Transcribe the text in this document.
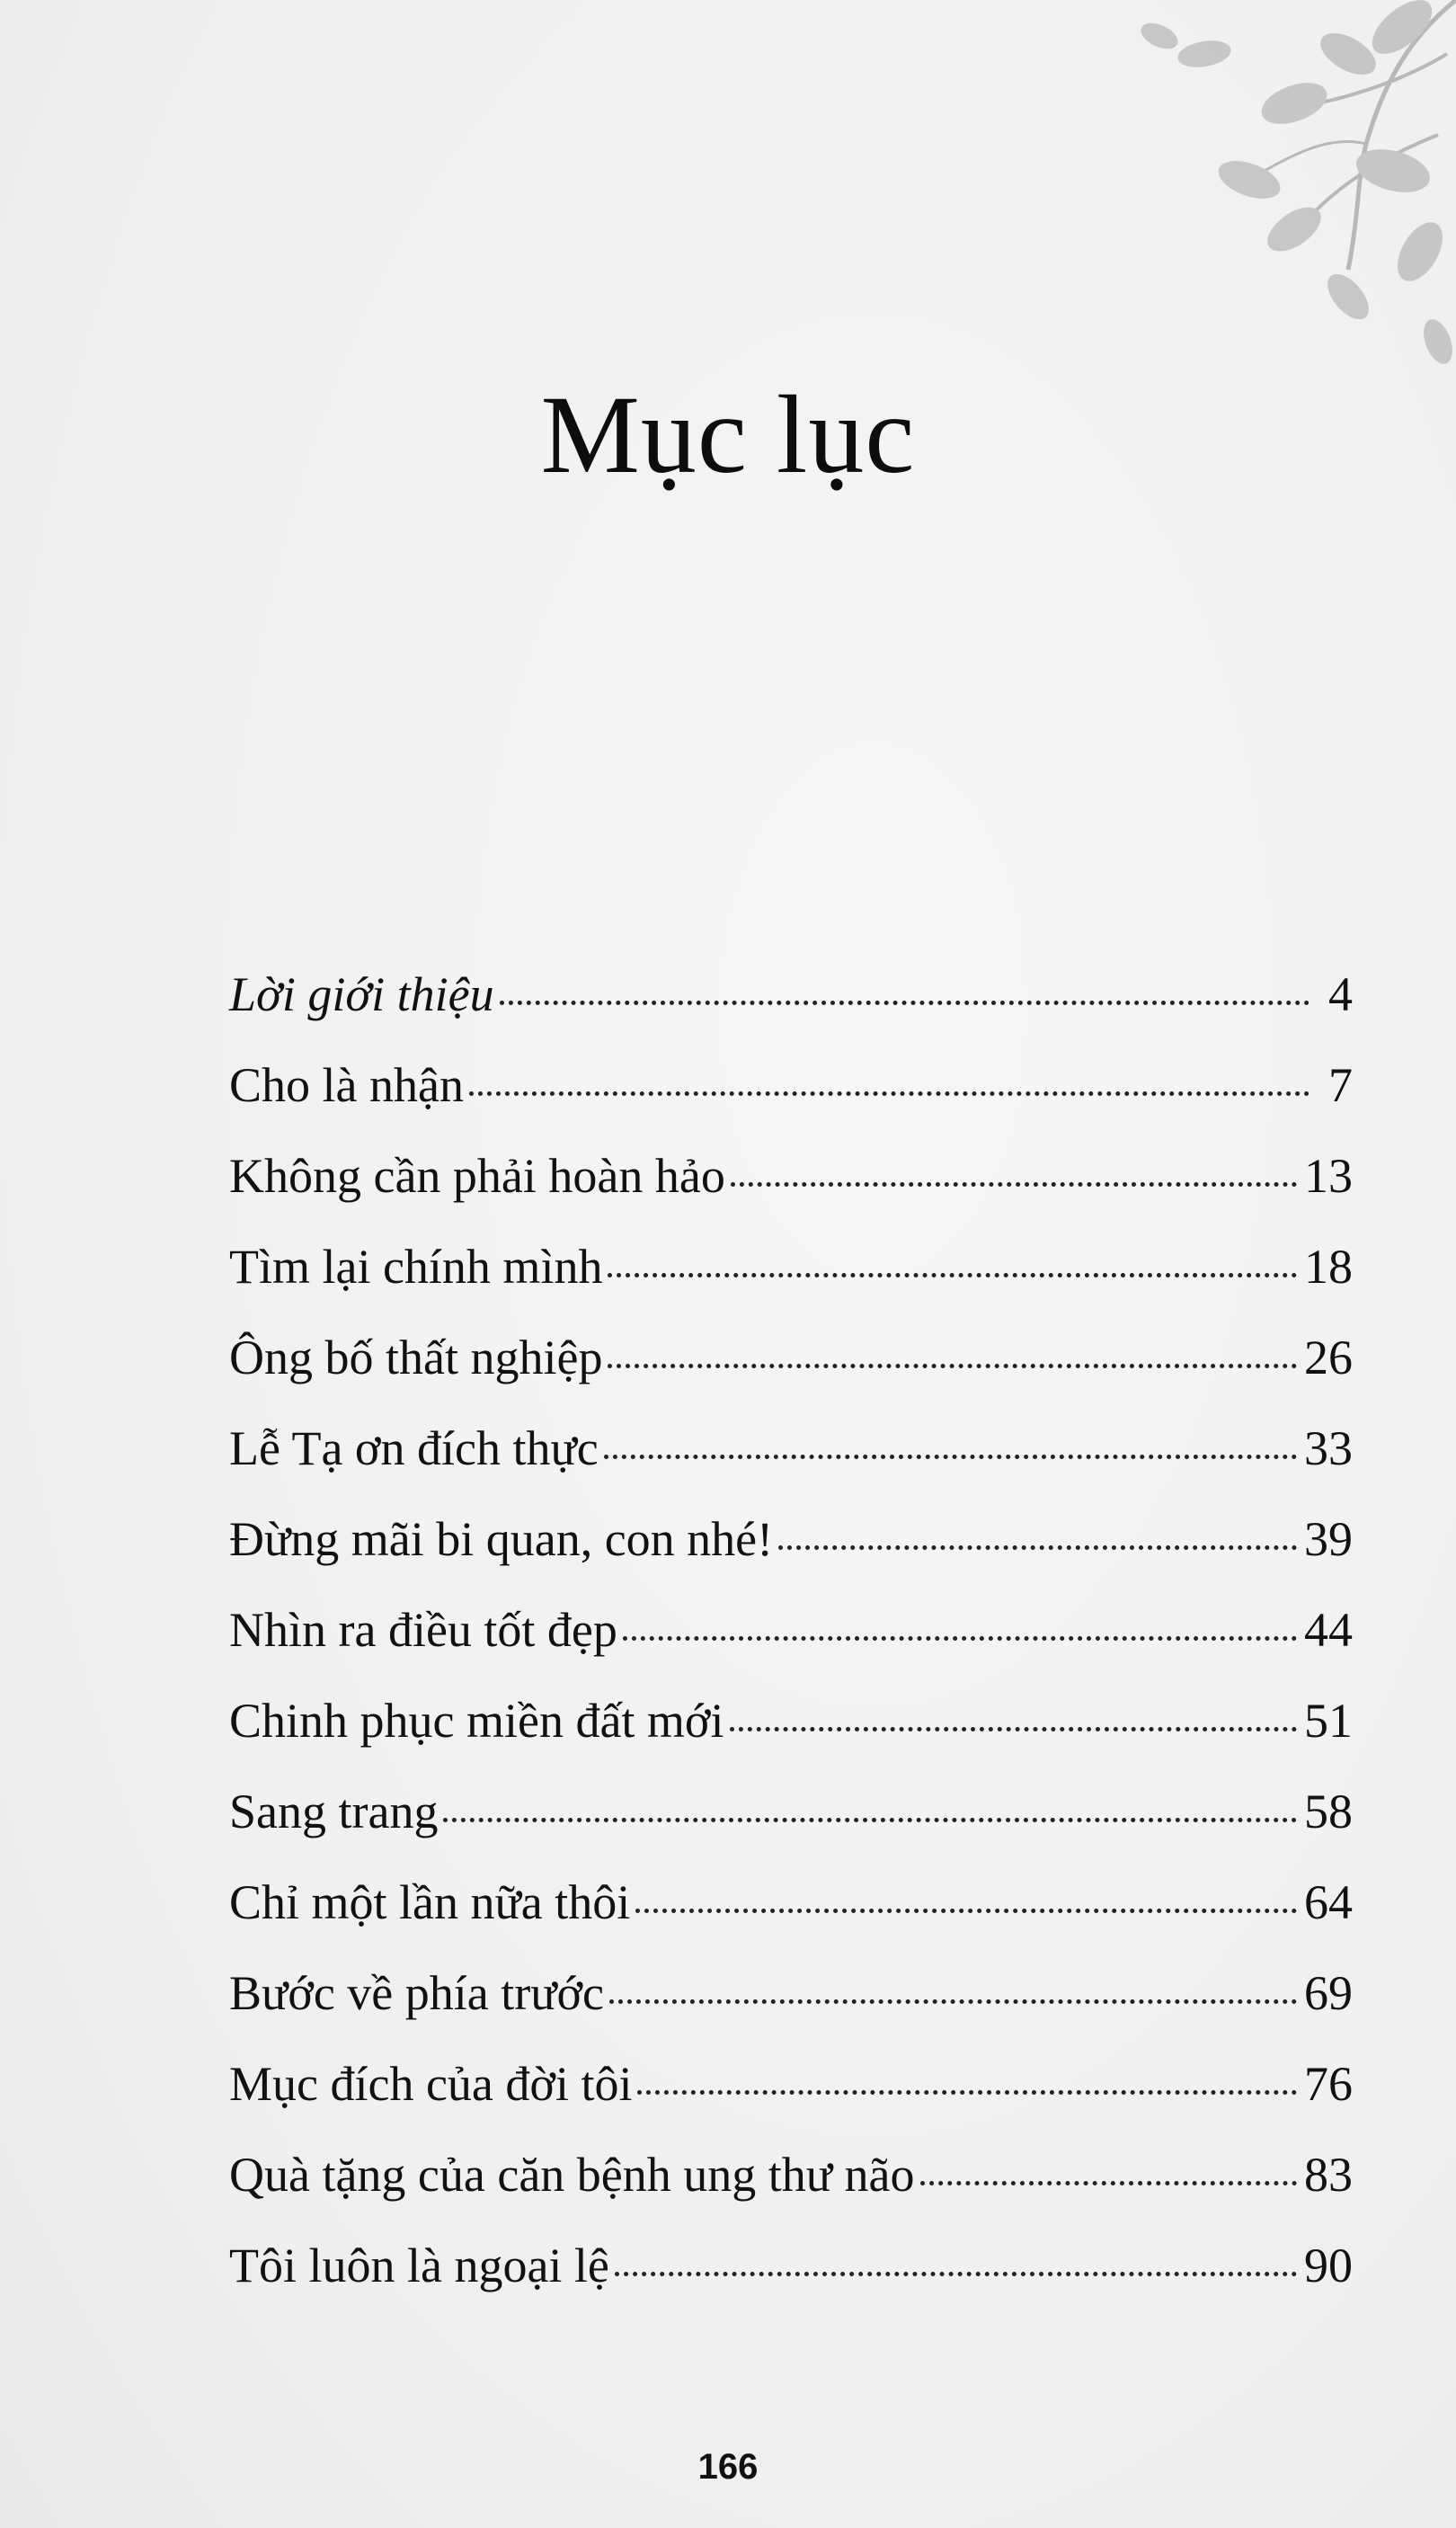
Mục lục
Lời giới thiệu	4
Cho là nhận	7
Không cần phải hoàn hảo	13
Tìm lại chính mình	18
Ông bố thất nghiệp	26
Lễ Tạ ơn đích thực	33
Đừng mãi bi quan, con nhé!	39
Nhìn ra điều tốt đẹp	44
Chinh phục miền đất mới	51
Sang trang	58
Chỉ một lần nữa thôi	64
Bước về phía trước	69
Mục đích của đời tôi	76
Quà tặng của căn bệnh ung thư não	83
Tôi luôn là ngoại lệ	90
166
